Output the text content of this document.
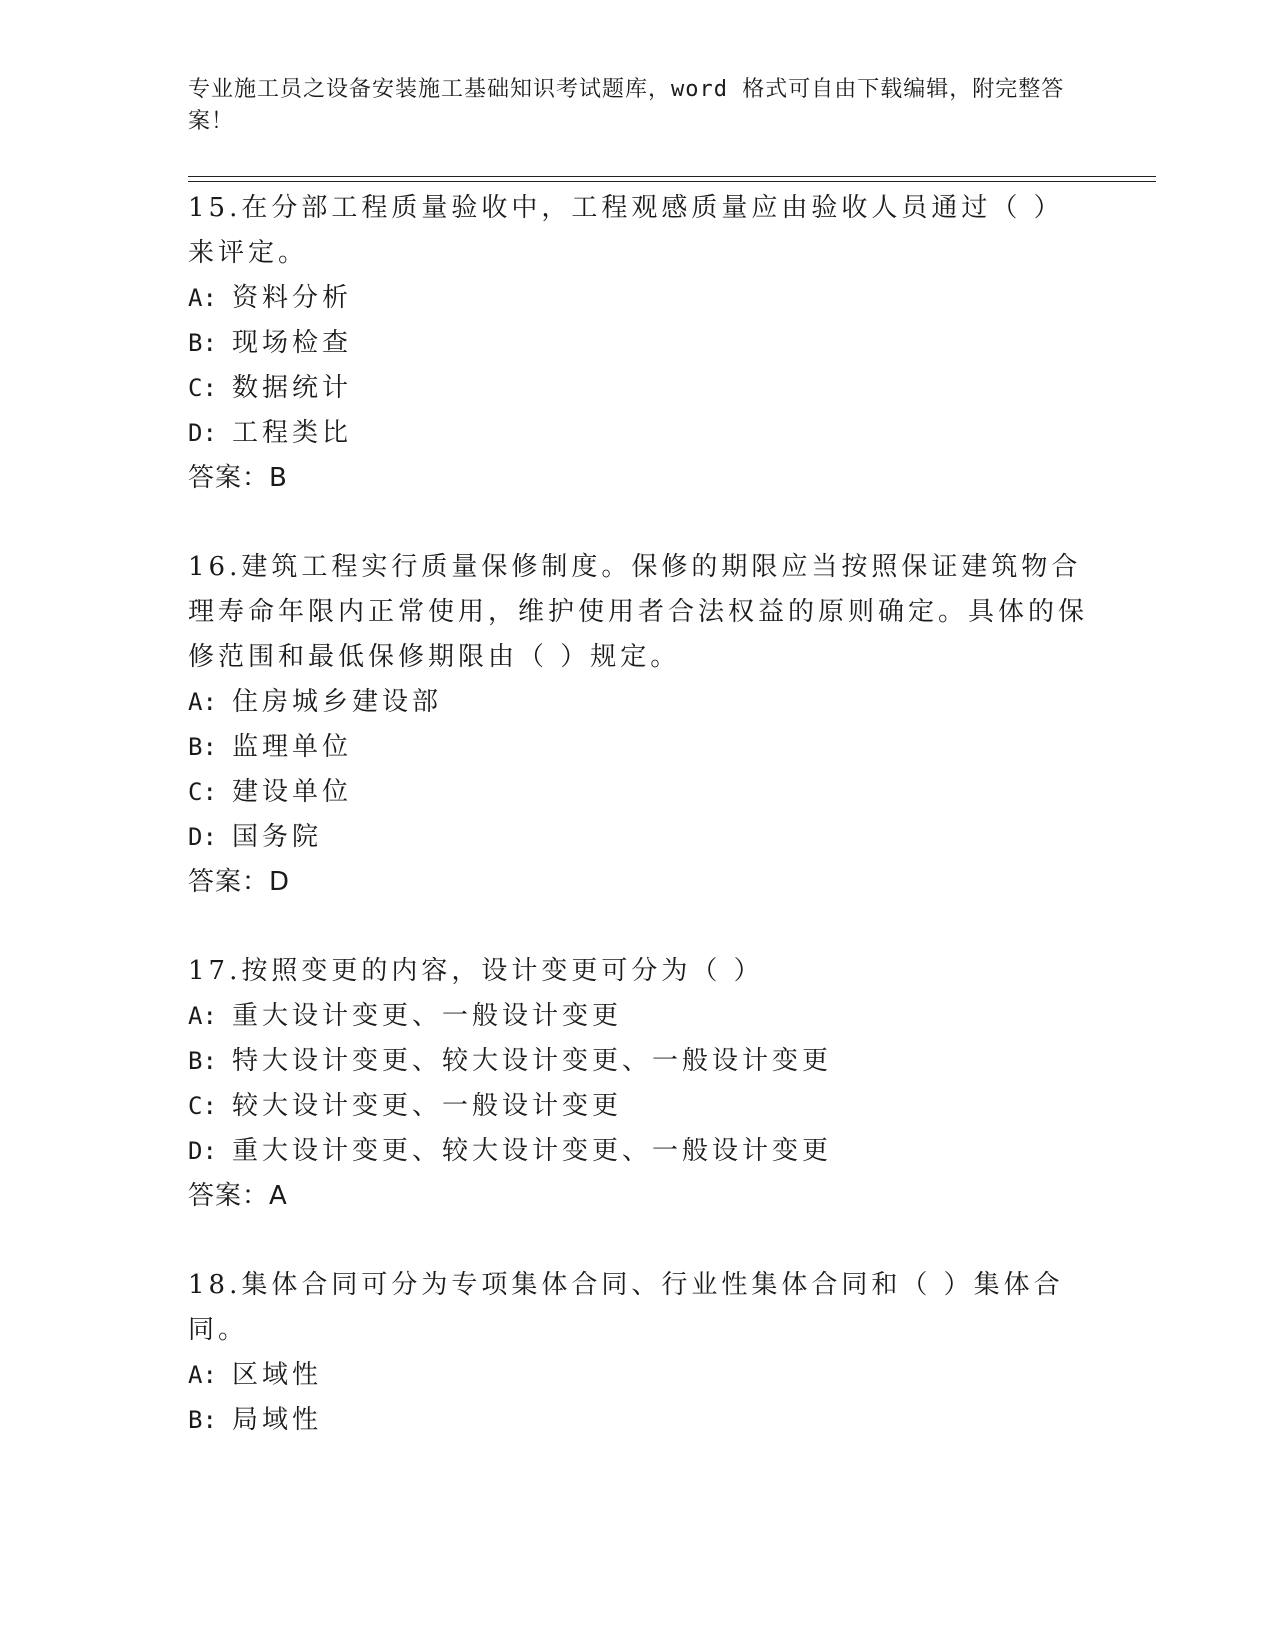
专业施工员之设备安装施工基础知识考试题库，word 格式可自由下载编辑，附完整答案！

15.在分部工程质量验收中，工程观感质量应由验收人员通过（ ）来评定。

A: 资料分析
B: 现场检查
C: 数据统计
D: 工程类比

答案：B

16.建筑工程实行质量保修制度。保修的期限应当按照保证建筑物合理寿命年限内正常使用，维护使用者合法权益的原则确定。具体的保修范围和最低保修期限由（ ）规定。

A: 住房城乡建设部
B: 监理单位
C: 建设单位
D: 国务院

答案：D

17.按照变更的内容，设计变更可分为（ ）

A: 重大设计变更、一般设计变更
B: 特大设计变更、较大设计变更、一般设计变更
C: 较大设计变更、一般设计变更
D: 重大设计变更、较大设计变更、一般设计变更

答案：A

18.集体合同可分为专项集体合同、行业性集体合同和（ ）集体合同。

A: 区域性
B: 局域性
